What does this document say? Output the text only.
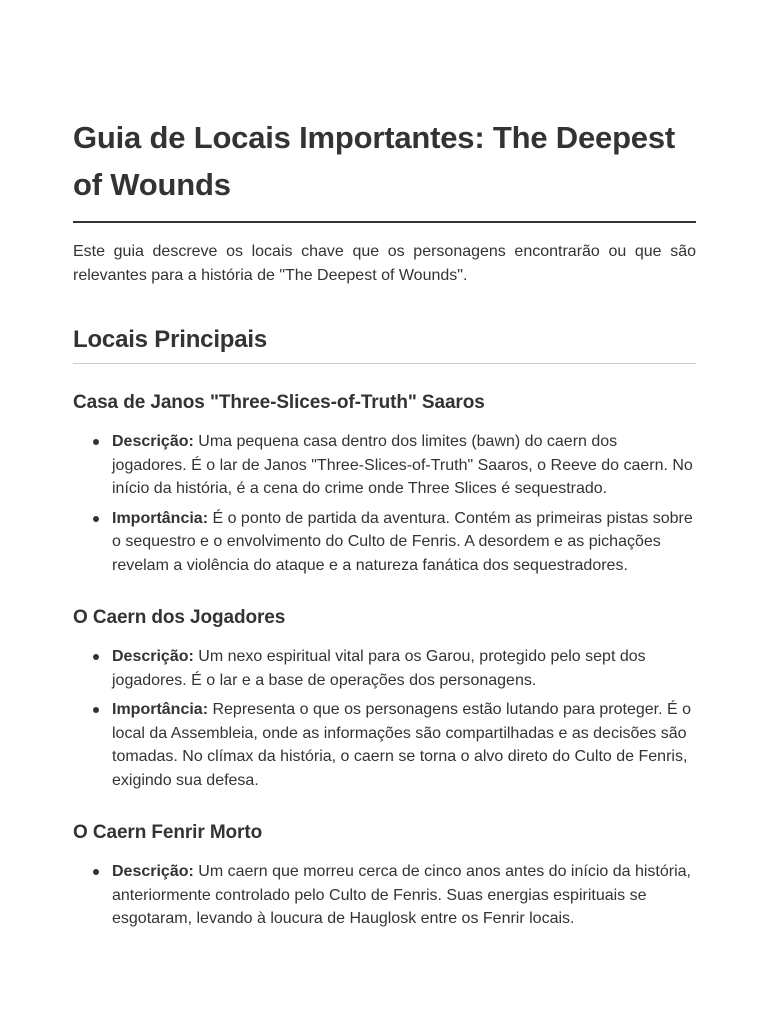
Guia de Locais Importantes: The Deepest of Wounds

Este guia descreve os locais chave que os personagens encontrarão ou que são relevantes para a história de "The Deepest of Wounds".

Locais Principais
Casa de Janos "Three-Slices-of-Truth" Saaros
Descrição: Uma pequena casa dentro dos limites (bawn) do caern dos jogadores. É o lar de Janos "Three-Slices-of-Truth" Saaros, o Reeve do caern. No início da história, é a cena do crime onde Three Slices é sequestrado.
Importância: É o ponto de partida da aventura. Contém as primeiras pistas sobre o sequestro e o envolvimento do Culto de Fenris. A desordem e as pichações revelam a violência do ataque e a natureza fanática dos sequestradores.
O Caern dos Jogadores
Descrição: Um nexo espiritual vital para os Garou, protegido pelo sept dos jogadores. É o lar e a base de operações dos personagens.
Importância: Representa o que os personagens estão lutando para proteger. É o local da Assembleia, onde as informações são compartilhadas e as decisões são tomadas. No clímax da história, o caern se torna o alvo direto do Culto de Fenris, exigindo sua defesa.
O Caern Fenrir Morto
Descrição: Um caern que morreu cerca de cinco anos antes do início da história, anteriormente controlado pelo Culto de Fenris. Suas energias espirituais se esgotaram, levando à loucura de Hauglosk entre os Fenrir locais.
